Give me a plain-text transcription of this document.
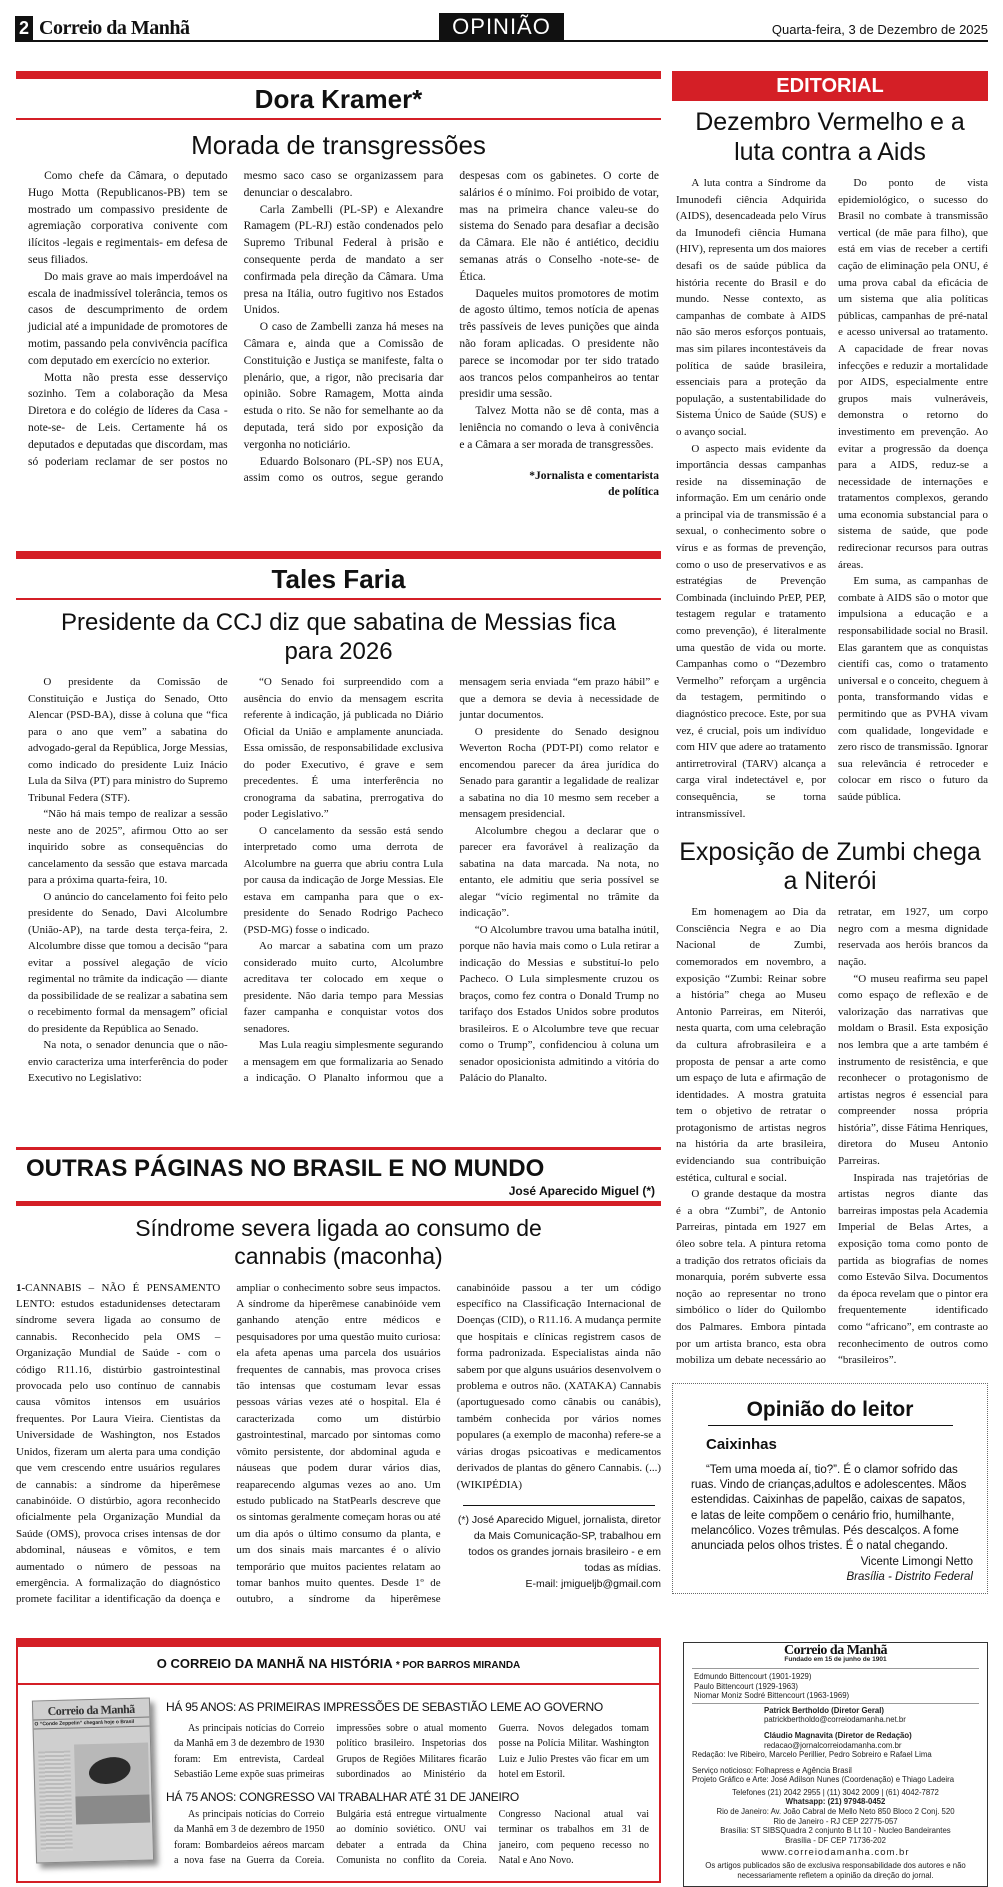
2 Correio da Manhã	OPINIÃO	Quarta-feira, 3 de Dezembro de 2025
Dora Kramer*
Morada de transgressões

Como chefe da Câmara, o deputado Hugo Motta (Republicanos-PB) tem se mostrado um compassivo presidente de agremiação corporativa conivente com ilícitos -legais e regimentais- em defesa de seus filiados.

Do mais grave ao mais imperdoável na escala de inadmissível tolerância, temos os casos de descumprimento de ordem judicial até a impunidade de promotores de motim, passando pela convivência pacífica com deputado em exercício no exterior.

Motta não presta esse desserviço sozinho. Tem a colaboração da Mesa Diretora e do colégio de líderes da Casa -note-se- de Leis. Certamente há os deputados e deputadas que discordam, mas só poderiam reclamar de ser postos no mesmo saco caso se organizassem para denunciar o descalabro.

Carla Zambelli (PL-SP) e Alexandre Ramagem (PL-RJ) estão condenados pelo Supremo Tribunal Federal à prisão e consequente perda de mandato a ser confirmada pela direção da Câmara. Uma presa na Itália, outro fugitivo nos Estados Unidos.

O caso de Zambelli zanza há meses na Câmara e, ainda que a Comissão de Constituição e Justiça se manifeste, falta o plenário, que, a rigor, não precisaria dar opinião. Sobre Ramagem, Motta ainda estuda o rito. Se não for semelhante ao da deputada, terá sido por exposição da vergonha no noticiário.

Eduardo Bolsonaro (PL-SP) nos EUA, assim como os outros, segue gerando despesas com os gabinetes. O corte de salários é o mínimo. Foi proibido de votar, mas na primeira chance valeu-se do sistema do Senado para desafiar a decisão da Câmara. Ele não é antiético, decidiu semanas atrás o Conselho -note-se- de Ética.

Daqueles muitos promotores de motim de agosto último, temos notícia de apenas três passíveis de leves punições que ainda não foram aplicadas. O presidente não parece se incomodar por ter sido tratado aos trancos pelos companheiros ao tentar presidir uma sessão.

Talvez Motta não se dê conta, mas a leniência no comando o leva à conivência e a Câmara a ser morada de transgressões.

*Jornalista e comentarista
de política

Tales Faria
Presidente da CCJ diz que sabatina de Messias fica para 2026

O presidente da Comissão de Constituição e Justiça do Senado, Otto Alencar (PSD-BA), disse à coluna que “fica para o ano que vem” a sabatina do advogado-geral da República, Jorge Messias, como indicado do presidente Luiz Inácio Lula da Silva (PT) para ministro do Supremo Tribunal Federa (STF).

“Não há mais tempo de realizar a sessão neste ano de 2025”, afirmou Otto ao ser inquirido sobre as consequências do cancelamento da sessão que estava marcada para a próxima quarta-feira, 10.

O anúncio do cancelamento foi feito pelo presidente do Senado, Davi Alcolumbre (União-AP), na tarde desta terça-feira, 2. Alcolumbre disse que tomou a decisão “para evitar a possível alegação de vício regimental no trâmite da indicação — diante da possibilidade de se realizar a sabatina sem o recebimento formal da mensagem” oficial do presidente da República ao Senado.

Na nota, o senador denuncia que o não-envio caracteriza uma interferência do poder Executivo no Legislativo:

“O Senado foi surpreendido com a ausência do envio da mensagem escrita referente à indicação, já publicada no Diário Oficial da União e amplamente anunciada. Essa omissão, de responsabilidade exclusiva do poder Executivo, é grave e sem precedentes. É uma interferência no cronograma da sabatina, prerrogativa do poder Legislativo.”

O cancelamento da sessão está sendo interpretado como uma derrota de Alcolumbre na guerra que abriu contra Lula por causa da indicação de Jorge Messias. Ele estava em campanha para que o ex-presidente do Senado Rodrigo Pacheco (PSD-MG) fosse o indicado.

Ao marcar a sabatina com um prazo considerado muito curto, Alcolumbre acreditava ter colocado em xeque o presidente. Não daria tempo para Messias fazer campanha e conquistar votos dos senadores.

Mas Lula reagiu simplesmente segurando a mensagem em que formalizaria ao Senado a indicação. O Planalto informou que a mensagem seria enviada “em prazo hábil” e que a demora se devia à necessidade de juntar documentos.

O presidente do Senado designou Weverton Rocha (PDT-PI) como relator e encomendou parecer da área jurídica do Senado para garantir a legalidade de realizar a sabatina no dia 10 mesmo sem receber a mensagem presidencial.

Alcolumbre chegou a declarar que o parecer era favorável à realização da sabatina na data marcada. Na nota, no entanto, ele admitiu que seria possível se alegar “vício regimental no trâmite da indicação”.

“O Alcolumbre travou uma batalha inútil, porque não havia mais como o Lula retirar a indicação do Messias e substituí-lo pelo Pacheco. O Lula simplesmente cruzou os braços, como fez contra o Donald Trump no tarifaço dos Estados Unidos sobre produtos brasileiros. E o Alcolumbre teve que recuar como o Trump”, confidenciou à coluna um senador oposicionista admitindo a vitória do Palácio do Planalto.

OUTRAS PÁGINAS NO BRASIL E NO MUNDO
José Aparecido Miguel (*)
Síndrome severa ligada ao consumo de cannabis (maconha)

1-CANNABIS – NÃO É PENSAMENTO LENTO: estudos estadunidenses detectaram síndrome severa ligada ao consumo de cannabis. Reconhecido pela OMS – Organização Mundial de Saúde - com o código R11.16, distúrbio gastrointestinal provocada pelo uso contínuo de cannabis causa vômitos intensos em usuários frequentes. Por Laura Vieira. Cientistas da Universidade de Washington, nos Estados Unidos, fizeram um alerta para uma condição que vem crescendo entre usuários regulares de cannabis: a síndrome da hiperêmese canabinóide. O distúrbio, agora reconhecido oficialmente pela Organização Mundial da Saúde (OMS), provoca crises intensas de dor abdominal, náuseas e vômitos, e tem aumentado o número de pessoas na emergência. A formalização do diagnóstico promete facilitar a identificação da doença e ampliar o conhecimento sobre seus impactos. A síndrome da hiperêmese canabinóide vem ganhando atenção entre médicos e pesquisadores por uma questão muito curiosa: ela afeta apenas uma parcela dos usuários frequentes de cannabis, mas provoca crises tão intensas que costumam levar essas pessoas várias vezes até o hospital. Ela é caracterizada como um distúrbio gastrointestinal, marcado por sintomas como vômito persistente, dor abdominal aguda e náuseas que podem durar vários dias, reaparecendo algumas vezes ao ano. Um estudo publicado na StatPearls descreve que os sintomas geralmente começam horas ou até um dia após o último consumo da planta, e um dos sinais mais marcantes é o alívio temporário que muitos pacientes relatam ao tomar banhos muito quentes. Desde 1º de outubro, a síndrome da hiperêmese canabinóide passou a ter um código específico na Classificação Internacional de Doenças (CID), o R11.16. A mudança permite que hospitais e clínicas registrem casos de forma padronizada. Especialistas ainda não sabem por que alguns usuários desenvolvem o problema e outros não. (XATAKA) Cannabis (aportuguesado como cânabis ou canábis), também conhecida por vários nomes populares (a exemplo de maconha) refere-se a várias drogas psicoativas e medicamentos derivados de plantas do gênero Cannabis. (...) (WIKIPÉDIA)

(*) José Aparecido Miguel, jornalista, diretor da Mais Comunicação-SP, trabalhou em todos os grandes jornais brasileiro - e em todas as mídias.

E-mail: jmigueljb@gmail.com

EDITORIAL
Dezembro Vermelho e a luta contra a Aids

A luta contra a Síndrome da Imunodefi ciência Adquirida (AIDS), desencadeada pelo Vírus da Imunodefi ciência Humana (HIV), representa um dos maiores desafi os de saúde pública da história recente do Brasil e do mundo. Nesse contexto, as campanhas de combate à AIDS não são meros esforços pontuais, mas sim pilares incontestáveis da política de saúde brasileira, essenciais para a proteção da população, a sustentabilidade do Sistema Único de Saúde (SUS) e o avanço social.

O aspecto mais evidente da importância dessas campanhas reside na disseminação de informação. Em um cenário onde a principal via de transmissão é a sexual, o conhecimento sobre o vírus e as formas de prevenção, como o uso de preservativos e as estratégias de Prevenção Combinada (incluindo PrEP, PEP, testagem regular e tratamento como prevenção), é literalmente uma questão de vida ou morte. Campanhas como o “Dezembro Vermelho” reforçam a urgência da testagem, permitindo o diagnóstico precoce. Este, por sua vez, é crucial, pois um indivíduo com HIV que adere ao tratamento antirretroviral (TARV) alcança a carga viral indetectável e, por consequência, se torna intransmissível.

Do ponto de vista epidemiológico, o sucesso do Brasil no combate à transmissão vertical (de mãe para filho), que está em vias de receber a certifi cação de eliminação pela ONU, é uma prova cabal da eficácia de um sistema que alia políticas públicas, campanhas de pré-natal e acesso universal ao tratamento. A capacidade de frear novas infecções e reduzir a mortalidade por AIDS, especialmente entre grupos mais vulneráveis, demonstra o retorno do investimento em prevenção. Ao evitar a progressão da doença para a AIDS, reduz-se a necessidade de internações e tratamentos complexos, gerando uma economia substancial para o sistema de saúde, que pode redirecionar recursos para outras áreas.

Em suma, as campanhas de combate à AIDS são o motor que impulsiona a educação e a responsabilidade social no Brasil. Elas garantem que as conquistas científi cas, como o tratamento universal e o conceito, cheguem à ponta, transformando vidas e permitindo que as PVHA vivam com qualidade, longevidade e zero risco de transmissão. Ignorar sua relevância é retroceder e colocar em risco o futuro da saúde pública.

Exposição de Zumbi chega a Niterói

Em homenagem ao Dia da Consciência Negra e ao Dia Nacional de Zumbi, comemorados em novembro, a exposição “Zumbi: Reinar sobre a história” chega ao Museu Antonio Parreiras, em Niterói, nesta quarta, com uma celebração da cultura afrobrasileira e a proposta de pensar a arte como um espaço de luta e afirmação de identidades. A mostra gratuita tem o objetivo de retratar o protagonismo de artistas negros na história da arte brasileira, evidenciando sua contribuição estética, cultural e social.

O grande destaque da mostra é a obra “Zumbi”, de Antonio Parreiras, pintada em 1927 em óleo sobre tela. A pintura retoma a tradição dos retratos oficiais da monarquia, porém subverte essa noção ao representar no trono simbólico o líder do Quilombo dos Palmares. Embora pintada por um artista branco, esta obra mobiliza um debate necessário ao retratar, em 1927, um corpo negro com a mesma dignidade reservada aos heróis brancos da nação.

“O museu reafirma seu papel como espaço de reflexão e de valorização das narrativas que moldam o Brasil. Esta exposição nos lembra que a arte também é instrumento de resistência, e que reconhecer o protagonismo de artistas negros é essencial para compreender nossa própria história”, disse Fátima Henriques, diretora do Museu Antonio Parreiras.

Inspirada nas trajetórias de artistas negros diante das barreiras impostas pela Academia Imperial de Belas Artes, a exposição toma como ponto de partida as biografias de nomes como Estevão Silva. Documentos da época revelam que o pintor era frequentemente identificado como “africano”, em contraste ao reconhecimento de outros como “brasileiros”.

Opinião do leitor
Caixinhas

“Tem uma moeda aí, tio?”. É o clamor sofrido das ruas. Vindo de crianças,adultos e adolescentes. Mãos estendidas. Caixinhas de papelão, caixas de sapatos, e latas de leite compõem o cenário frio, humilhante, melancólico. Vozes trêmulas. Pés descalços. A fome anunciada pelos olhos tristes. É o natal chegando.

Vicente Limongi Netto
Brasília - Distrito Federal
O CORREIO DA MANHÃ NA HISTÓRIA * POR BARROS MIRANDA
Correio da Manhã
O “Conde Zeppelin” chegará hoje o Brasil
HÁ 95 ANOS: AS PRIMEIRAS IMPRESSÕES DE SEBASTIÃO LEME AO GOVERNO

As principais notícias do Correio da Manhã em 3 de dezembro de 1930 foram: Em entrevista, Cardeal Sebastião Leme expõe suas primeiras impressões sobre o atual momento político brasileiro. Inspetorias dos Grupos de Regiões Militares ficarão subordinados ao Ministério da Guerra. Novos delegados tomam posse na Polícia Militar. Washington Luiz e Julio Prestes vão ficar em um hotel em Estoril.

HÁ 75 ANOS: CONGRESSO VAI TRABALHAR ATÉ 31 DE JANEIRO

As principais notícias do Correio da Manhã em 3 de dezembro de 1950 foram: Bombardeios aéreos marcam a nova fase na Guerra da Coreia. Bulgária está entregue virtualmente ao domínio soviético. ONU vai debater a entrada da China Comunista no conflito da Coreia. Congresso Nacional atual vai terminar os trabalhos em 31 de janeiro, com pequeno recesso no Natal e Ano Novo.

Correio da Manhã
Fundado em 15 de junho de 1901
Edmundo Bittencourt (1901-1929)
Paulo Bittencourt (1929-1963)
Niomar Moniz Sodré Bittencourt (1963-1969)
Patrick Bertholdo (Diretor Geral)
patrickbertholdo@correiodamanha.net.br
Cláudio Magnavita (Diretor de Redação)
redacao@jornalcorreiodamanha.com.br
Redação: Ive Ribeiro, Marcelo Perillier, Pedro Sobreiro e Rafael Lima
Serviço noticioso: Folhapress e Agência Brasil
Projeto Gráfico e Arte: José Adilson Nunes (Coordenação) e Thiago Ladeira
Telefones (21) 2042 2955 | (11) 3042 2009 | (61) 4042-7872
Whatsapp: (21) 97948-0452
Rio de Janeiro: Av. João Cabral de Mello Neto 850 Bloco 2 Conj. 520
Rio de Janeiro - RJ CEP 22775-057
Brasília: ST SIBSQuadra 2 conjunto B Lt 10 - Nucleo Bandeirantes
Brasília - DF CEP 71736-202
www.correiodamanha.com.br
Os artigos publicados são de exclusiva responsabilidade dos autores e não necessariamente refletem a opinião da direção do jornal.
